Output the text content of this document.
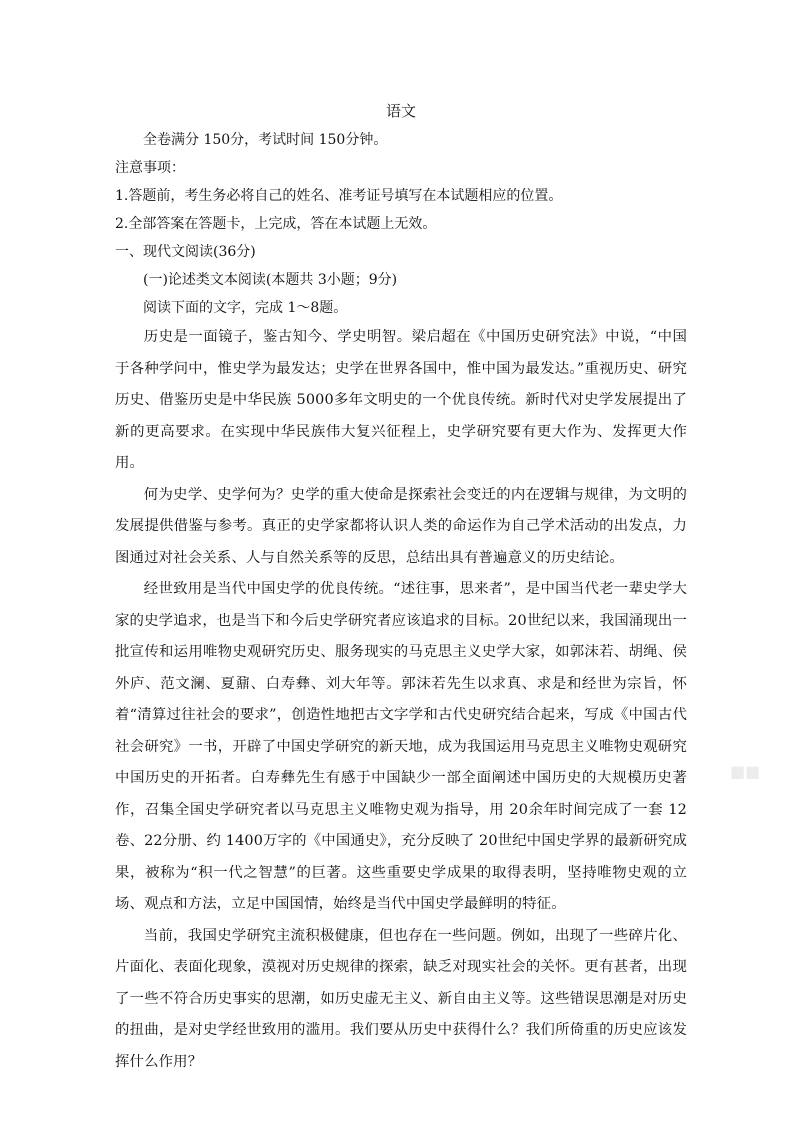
语文

全卷满分 150分，考试时间 150分钟。

注意事项：

1.答题前，考生务必将自己的姓名、准考证号填写在本试题相应的位置。

2.全部答案在答题卡，上完成，答在本试题上无效。

一、现代文阅读(36分)

(一)论述类文本阅读(本题共 3小题；9分)

阅读下面的文字，完成 1～8题。

历史是一面镜子，鉴古知今、学史明智。梁启超在《中国历史研究法》中说，“中国于各种学问中，惟史学为最发达；史学在世界各国中，惟中国为最发达。”重视历史、研究历史、借鉴历史是中华民族 5000多年文明史的一个优良传统。新时代对史学发展提出了新的更高要求。在实现中华民族伟大复兴征程上，史学研究要有更大作为、发挥更大作用。

何为史学、史学何为？史学的重大使命是探索社会变迁的内在逻辑与规律，为文明的发展提供借鉴与参考。真正的史学家都将认识人类的命运作为自己学术活动的出发点，力图通过对社会关系、人与自然关系等的反思，总结出具有普遍意义的历史结论。

经世致用是当代中国史学的优良传统。“述往事，思来者”，是中国当代老一辈史学大家的史学追求，也是当下和今后史学研究者应该追求的目标。20世纪以来，我国涌现出一批宣传和运用唯物史观研究历史、服务现实的马克思主义史学大家，如郭沫若、胡绳、侯外庐、范文澜、夏鼐、白寿彝、刘大年等。郭沫若先生以求真、求是和经世为宗旨，怀着“清算过往社会的要求”，创造性地把古文字学和古代史研究结合起来，写成《中国古代社会研究》一书，开辟了中国史学研究的新天地，成为我国运用马克思主义唯物史观研究中国历史的开拓者。白寿彝先生有感于中国缺少一部全面阐述中国历史的大规模历史著作，召集全国史学研究者以马克思主义唯物史观为指导，用 20余年时间完成了一套 12卷、22分册、约 1400万字的《中国通史》，充分反映了 20世纪中国史学界的最新研究成果，被称为“积一代之智慧”的巨著。这些重要史学成果的取得表明，坚持唯物史观的立场、观点和方法，立足中国国情，始终是当代中国史学最鲜明的特征。

当前，我国史学研究主流积极健康，但也存在一些问题。例如，出现了一些碎片化、片面化、表面化现象，漠视对历史规律的探索，缺乏对现实社会的关怀。更有甚者，出现了一些不符合历史事实的思潮，如历史虚无主义、新自由主义等。这些错误思潮是对历史的扭曲，是对史学经世致用的滥用。我们要从历史中获得什么？我们所倚重的历史应该发挥什么作用？

■■
